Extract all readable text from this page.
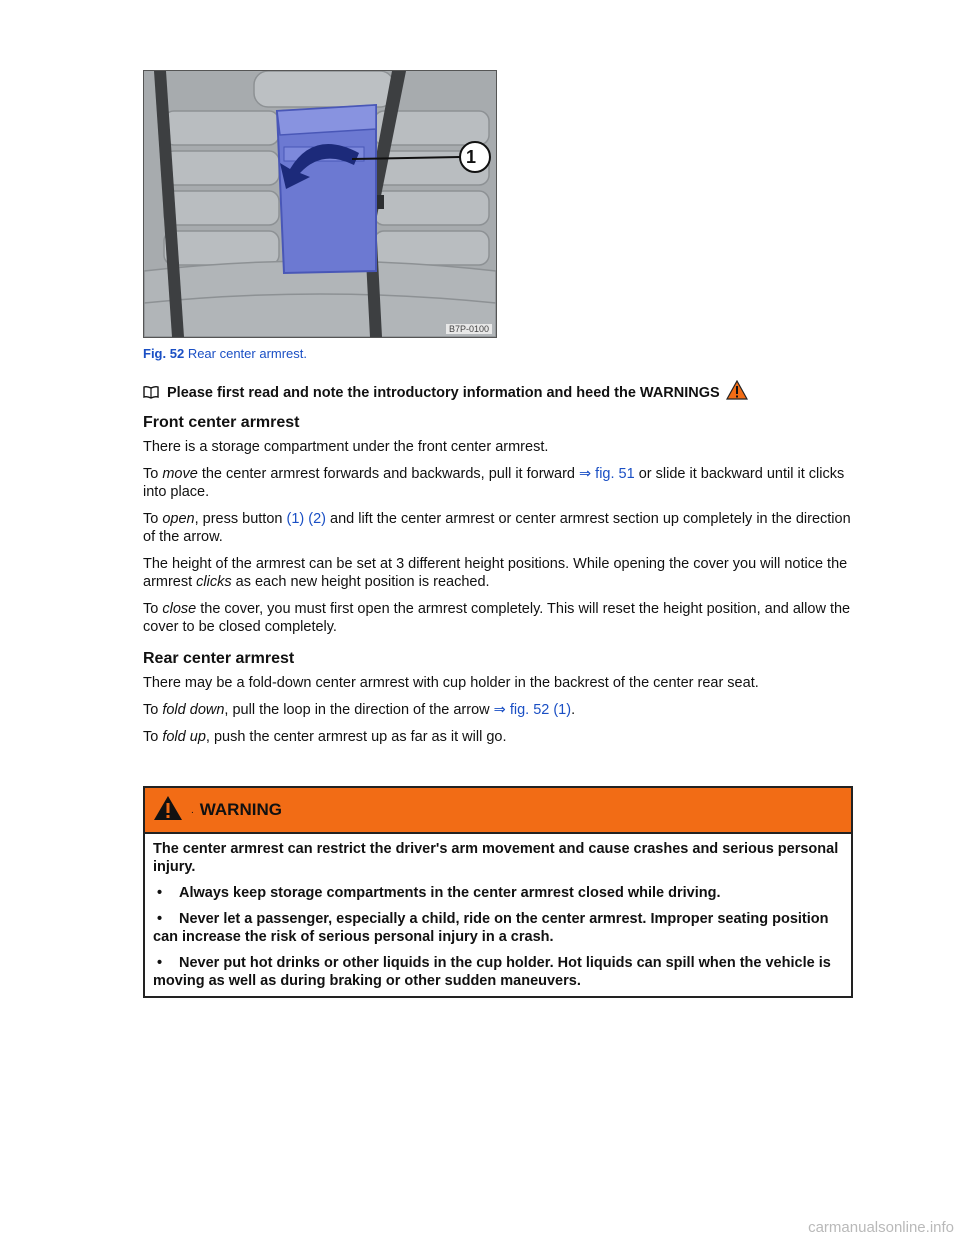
1
B7P-0100
Fig. 52 Rear center armrest.
Please first read and note the introductory information and heed the WARNINGS
Front center armrest

There is a storage compartment under the front center armrest.

To move the center armrest forwards and backwards, pull it forward ⇒ fig. 51 or slide it backward until it clicks into place.

To open, press button (1) (2) and lift the center armrest or center armrest section up completely in the direction of the arrow.

The height of the armrest can be set at 3 different height positions. While opening the cover you will notice the armrest clicks as each new height position is reached.

To close the cover, you must first open the armrest completely. This will reset the height position, and allow the cover to be closed completely.

Rear center armrest

There may be a fold-down center armrest with cup holder in the backrest of the center rear seat.

To fold down, pull the loop in the direction of the arrow ⇒ fig. 52 (1).

To fold up, push the center armrest up as far as it will go.

. WARNING

The center armrest can restrict the driver's arm movement and cause crashes and serious personal injury.

• Always keep storage compartments in the center armrest closed while driving.

• Never let a passenger, especially a child, ride on the center armrest. Improper seating position can increase the risk of serious personal injury in a crash.

• Never put hot drinks or other liquids in the cup holder. Hot liquids can spill when the vehicle is moving as well as during braking or other sudden maneuvers.

carmanualsonline.info
